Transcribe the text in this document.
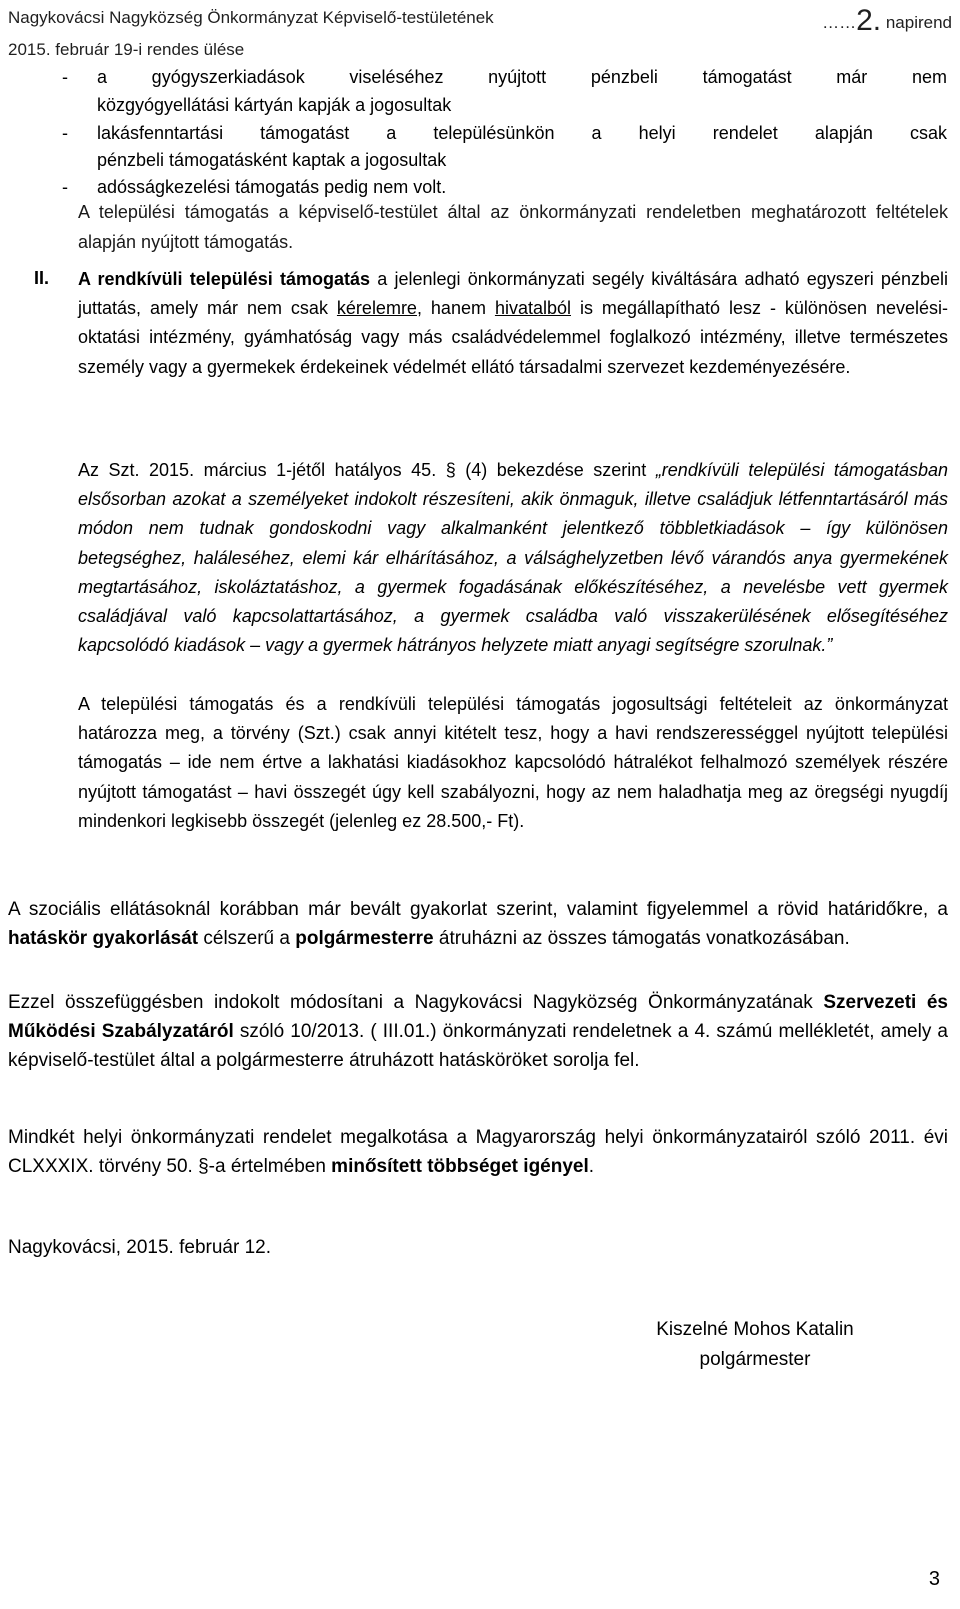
Nagykovácsi Nagyközség Önkormányzat Képviselő-testületének	……2. napirend
2015. február 19-i rendes ülése
- a gyógyszerkiadások viseléséhez nyújtott pénzbeli támogatást már nem
közgyógyellátási kártyán kapják a jogosultak
- lakásfenntartási támogatást a településünkön a helyi rendelet alapján csak
pénzbeli támogatásként kaptak a jogosultak
- adósságkezelési támogatás pedig nem volt.
A települési támogatás a képviselő-testület által az önkormányzati rendeletben meghatározott feltételek alapján nyújtott támogatás.
II. A rendkívüli települési támogatás a jelenlegi önkormányzati segély kiváltására adható egyszeri pénzbeli juttatás, amely már nem csak kérelemre, hanem hivatalból is megállapítható lesz - különösen nevelési-oktatási intézmény, gyámhatóság vagy más családvédelemmel foglalkozó intézmény, illetve természetes személy vagy a gyermekek érdekeinek védelmét ellátó társadalmi szervezet kezdeményezésére.
Az Szt. 2015. március 1-jétől hatályos 45. § (4) bekezdése szerint „rendkívüli települési támogatásban elsősorban azokat a személyeket indokolt részesíteni, akik önmaguk, illetve családjuk létfenntartásáról más módon nem tudnak gondoskodni vagy alkalmanként jelentkező többletkiadások – így különösen betegséghez, haláleséhez, elemi kár elhárításához, a válsághelyzetben lévő várandós anya gyermekének megtartásához, iskoláztatáshoz, a gyermek fogadásának előkészítéséhez, a nevelésbe vett gyermek családjával való kapcsolattartásához, a gyermek családba való visszakerülésének elősegítéséhez kapcsolódó kiadások – vagy a gyermek hátrányos helyzete miatt anyagi segítségre szorulnak.”
A települési támogatás és a rendkívüli települési támogatás jogosultsági feltételeit az önkormányzat határozza meg, a törvény (Szt.) csak annyi kitételt tesz, hogy a havi rendszerességgel nyújtott települési támogatás – ide nem értve a lakhatási kiadásokhoz kapcsolódó hátralékot felhalmozó személyek részére nyújtott támogatást – havi összegét úgy kell szabályozni, hogy az nem haladhatja meg az öregségi nyugdíj mindenkori legkisebb összegét (jelenleg ez 28.500,- Ft).
A szociális ellátásoknál korábban már bevált gyakorlat szerint, valamint figyelemmel a rövid határidőkre, a hatáskör gyakorlását célszerű a polgármesterre átruházni az összes támogatás vonatkozásában.
Ezzel összefüggésben indokolt módosítani a Nagykovácsi Nagyközség Önkormányzatának Szervezeti és Működési Szabályzatáról szóló 10/2013. ( III.01.) önkormányzati rendeletnek a 4. számú mellékletét, amely a képviselő-testület által a polgármesterre átruházott hatásköröket sorolja fel.
Mindkét helyi önkormányzati rendelet megalkotása a Magyarország helyi önkormányzatairól szóló 2011. évi CLXXXIX. törvény 50. §-a értelmében minősített többséget igényel.
Nagykovácsi, 2015. február 12.
Kiszelné Mohos Katalin
polgármester
3
